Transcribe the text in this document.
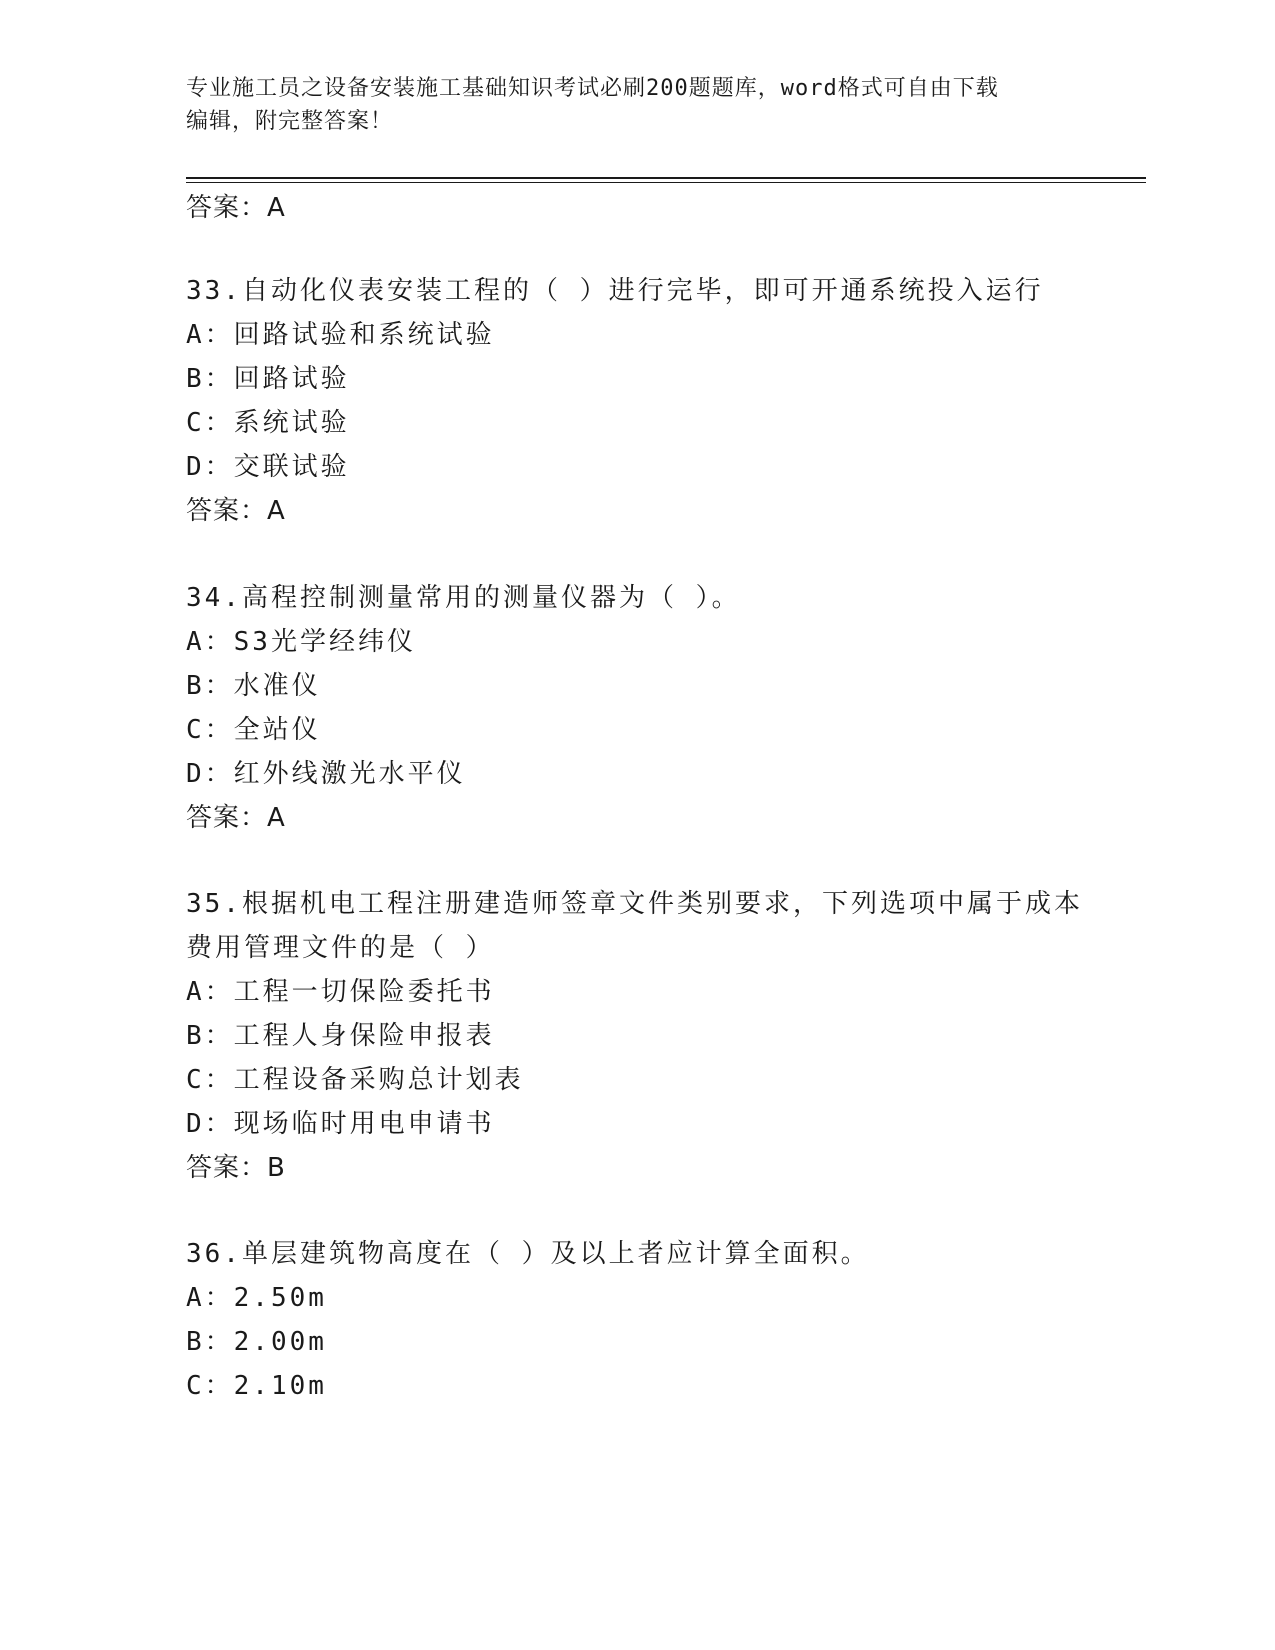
专业施工员之设备安装施工基础知识考试必刷200题题库，word格式可自由下载
编辑，附完整答案！
答案：A
33.自动化仪表安装工程的（ ）进行完毕，即可开通系统投入运行
A：回路试验和系统试验
B：回路试验
C：系统试验
D：交联试验
答案：A
34.高程控制测量常用的测量仪器为（ ）。
A：S3光学经纬仪
B：水准仪
C：全站仪
D：红外线激光水平仪
答案：A
35.根据机电工程注册建造师签章文件类别要求，下列选项中属于成本
费用管理文件的是（ ）
A：工程一切保险委托书
B：工程人身保险申报表
C：工程设备采购总计划表
D：现场临时用电申请书
答案：B
36.单层建筑物高度在（ ）及以上者应计算全面积。
A：2.50m
B：2.00m
C：2.10m
